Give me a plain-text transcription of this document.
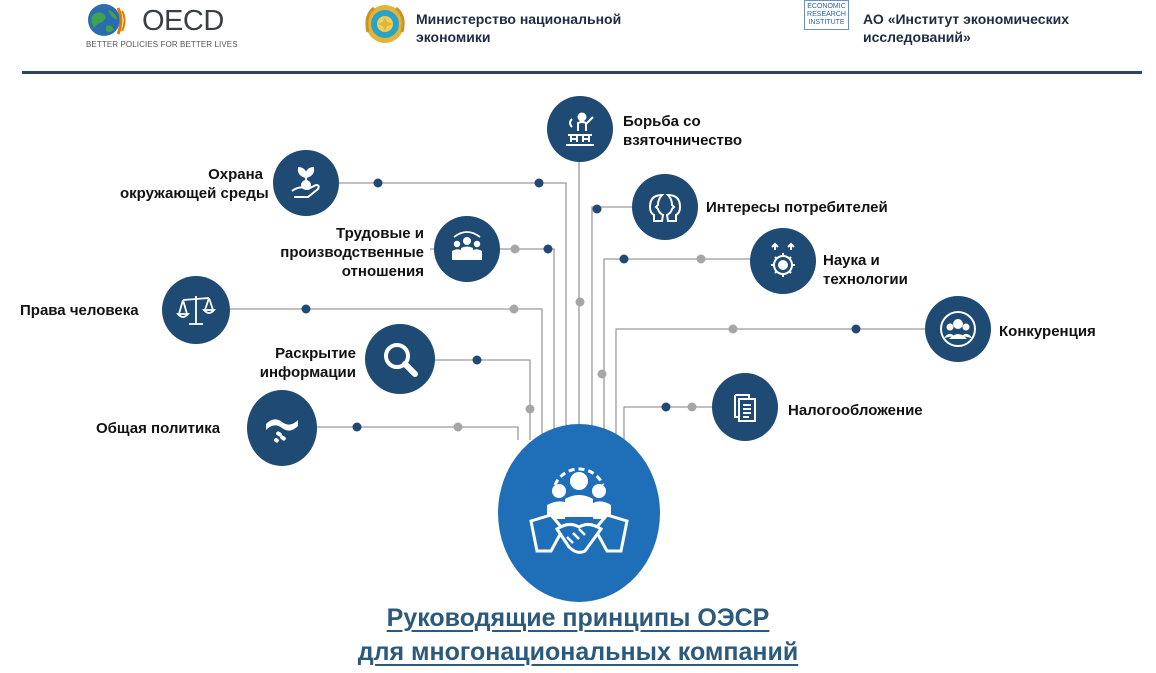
OECD
BETTER POLICIES FOR BETTER LIVES
Министерство национальной
экономики
ECONOMIC
RESEARCH
INSTITUTE АО «Институт экономических
исследований»
Борьба со
взяточничество
Охрана
окружающей среды
Интересы потребителей
Трудовые и
производственные
отношения
Наука и
технологии
Права человека
Конкуренция
Раскрытие
информации
Налогообложение
Общая политика
Руководящие принципы ОЭСР
для многонациональных компаний
